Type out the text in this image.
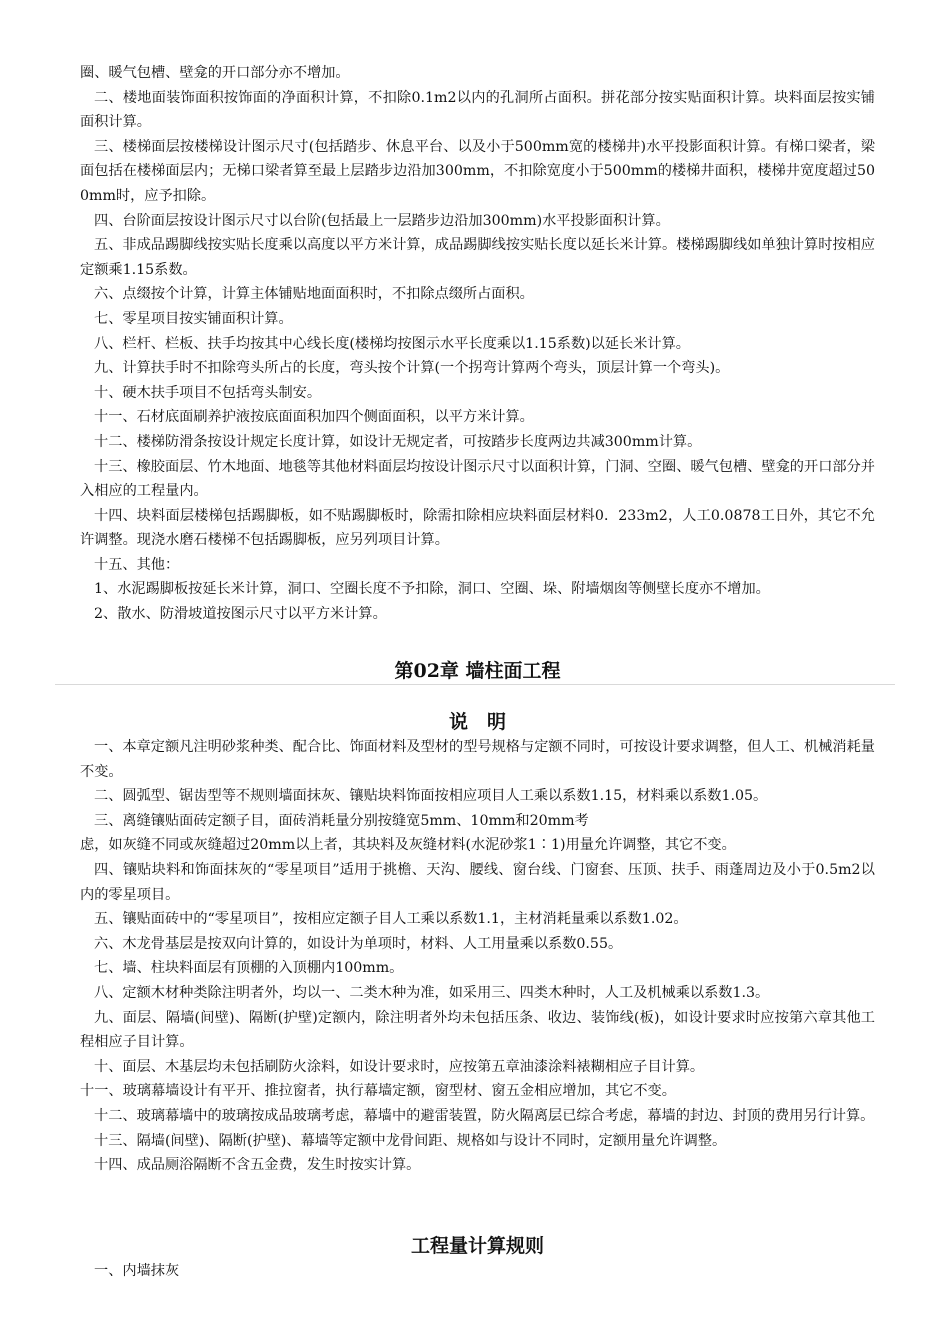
圈、暖气包槽、壁龛的开口部分亦不增加。

二、楼地面装饰面积按饰面的净面积计算，不扣除0.1m2以内的孔洞所占面积。拼花部分按实贴面积计算。块料面层按实铺面积计算。

三、楼梯面层按楼梯设计图示尺寸(包括踏步、休息平台、以及小于500mm宽的楼梯井)水平投影面积计算。有梯口梁者，梁面包括在楼梯面层内；无梯口梁者算至最上层踏步边沿加300mm，不扣除宽度小于500mm的楼梯井面积，楼梯井宽度超过500mm时，应予扣除。

四、台阶面层按设计图示尺寸以台阶(包括最上一层踏步边沿加300mm)水平投影面积计算。

五、非成品踢脚线按实贴长度乘以高度以平方米计算，成品踢脚线按实贴长度以延长米计算。楼梯踢脚线如单独计算时按相应定额乘1.15系数。

六、点缀按个计算，计算主体铺贴地面面积时，不扣除点缀所占面积。

七、零星项目按实铺面积计算。

八、栏杆、栏板、扶手均按其中心线长度(楼梯均按图示水平长度乘以1.15系数)以延长米计算。

九、计算扶手时不扣除弯头所占的长度，弯头按个计算(一个拐弯计算两个弯头，顶层计算一个弯头)。

十、硬木扶手项目不包括弯头制安。

十一、石材底面刷养护液按底面面积加四个侧面面积，以平方米计算。

十二、楼梯防滑条按设计规定长度计算，如设计无规定者，可按踏步长度两边共减300mm计算。

十三、橡胶面层、竹木地面、地毯等其他材料面层均按设计图示尺寸以面积计算，门洞、空圈、暖气包槽、壁龛的开口部分并入相应的工程量内。

十四、块料面层楼梯包括踢脚板，如不贴踢脚板时，除需扣除相应块料面层材料0．233m2，人工0.0878工日外，其它不允许调整。现浇水磨石楼梯不包括踢脚板，应另列项目计算。

十五、其他：

1、水泥踢脚板按延长米计算，洞口、空圈长度不予扣除，洞口、空圈、垛、附墙烟囱等侧壁长度亦不增加。

2、散水、防滑坡道按图示尺寸以平方米计算。

第02章 墙柱面工程
说　明

一、本章定额凡注明砂浆种类、配合比、饰面材料及型材的型号规格与定额不同时，可按设计要求调整，但人工、机械消耗量不变。

二、圆弧型、锯齿型等不规则墙面抹灰、镶贴块料饰面按相应项目人工乘以系数1.15，材料乘以系数1.05。

三、离缝镶贴面砖定额子目，面砖消耗量分别按缝宽5mm、10mm和20mm考

虑，如灰缝不同或灰缝超过20mm以上者，其块料及灰缝材料(水泥砂浆1∶1)用量允许调整，其它不变。

四、镶贴块料和饰面抹灰的“零星项目”适用于挑檐、天沟、腰线、窗台线、门窗套、压顶、扶手、雨蓬周边及小于0.5m2以内的零星项目。

五、镶贴面砖中的“零星项目”，按相应定额子目人工乘以系数1.1，主材消耗量乘以系数1.02。

六、木龙骨基层是按双向计算的，如设计为单项时，材料、人工用量乘以系数0.55。

七、墙、柱块料面层有顶棚的入顶棚内100mm。

八、定额木材种类除注明者外，均以一、二类木种为准，如采用三、四类木种时，人工及机械乘以系数1.3。

九、面层、隔墙(间壁)、隔断(护壁)定额内，除注明者外均未包括压条、收边、装饰线(板)，如设计要求时应按第六章其他工程相应子目计算。

十、面层、木基层均未包括刷防火涂料，如设计要求时，应按第五章油漆涂料裱糊相应子目计算。

十一、玻璃幕墙设计有平开、推拉窗者，执行幕墙定额，窗型材、窗五金相应增加，其它不变。

十二、玻璃幕墙中的玻璃按成品玻璃考虑，幕墙中的避雷装置，防火隔离层已综合考虑，幕墙的封边、封顶的费用另行计算。

十三、隔墙(间壁)、隔断(护壁)、幕墙等定额中龙骨间距、规格如与设计不同时，定额用量允许调整。

十四、成品厕浴隔断不含五金费，发生时按实计算。

工程量计算规则

一、内墙抹灰
